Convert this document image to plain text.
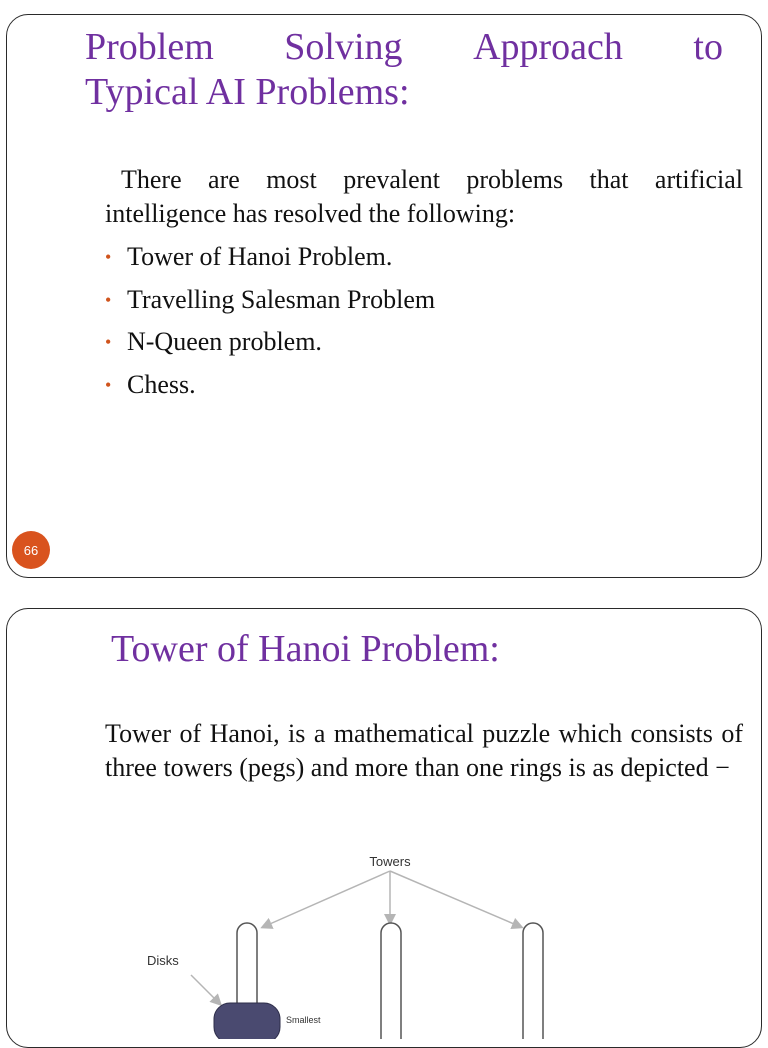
Problem Solving Approach to
Typical AI Problems:

There are most prevalent problems that artificial intelligence has resolved the following:

• Tower of Hanoi Problem.
• Travelling Salesman Problem
• N-Queen problem.
• Chess.
66
Tower of Hanoi Problem:

Tower of Hanoi, is a mathematical puzzle which consists of three towers (pegs) and more than one rings is as depicted −

Towers
Disks
Smallest
